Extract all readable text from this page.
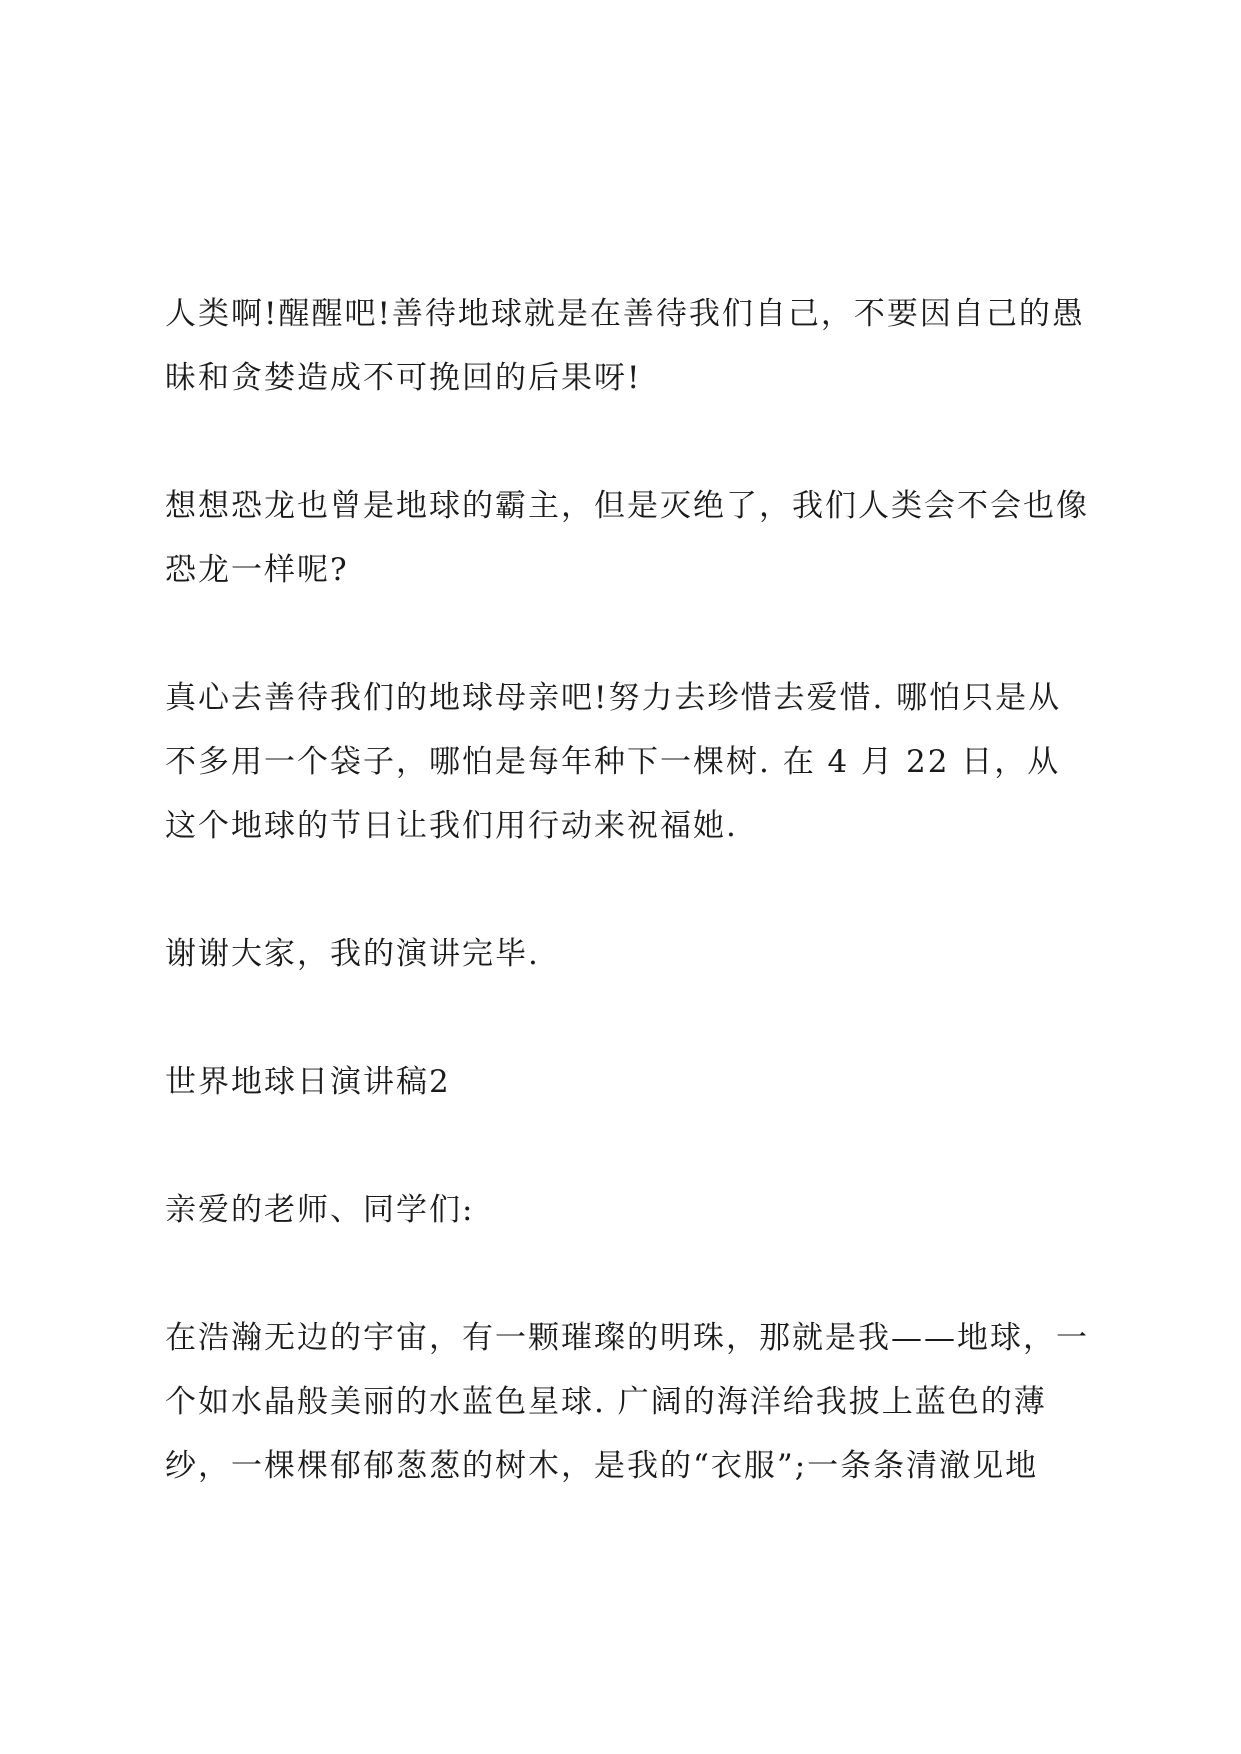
人类啊!醒醒吧!善待地球就是在善待我们自己，不要因自己的愚昧和贪婪造成不可挽回的后果呀!

想想恐龙也曾是地球的霸主，但是灭绝了，我们人类会不会也像恐龙一样呢?

真心去善待我们的地球母亲吧!努力去珍惜去爱惜. 哪怕只是从不多用一个袋子，哪怕是每年种下一棵树. 在 4 月 22 日，从这个地球的节日让我们用行动来祝福她.

谢谢大家，我的演讲完毕.

世界地球日演讲稿2

亲爱的老师、同学们:

在浩瀚无边的宇宙，有一颗璀璨的明珠，那就是我——地球，一个如水晶般美丽的水蓝色星球. 广阔的海洋给我披上蓝色的薄纱，一棵棵郁郁葱葱的树木，是我的“衣服”;一条条清澈见地
